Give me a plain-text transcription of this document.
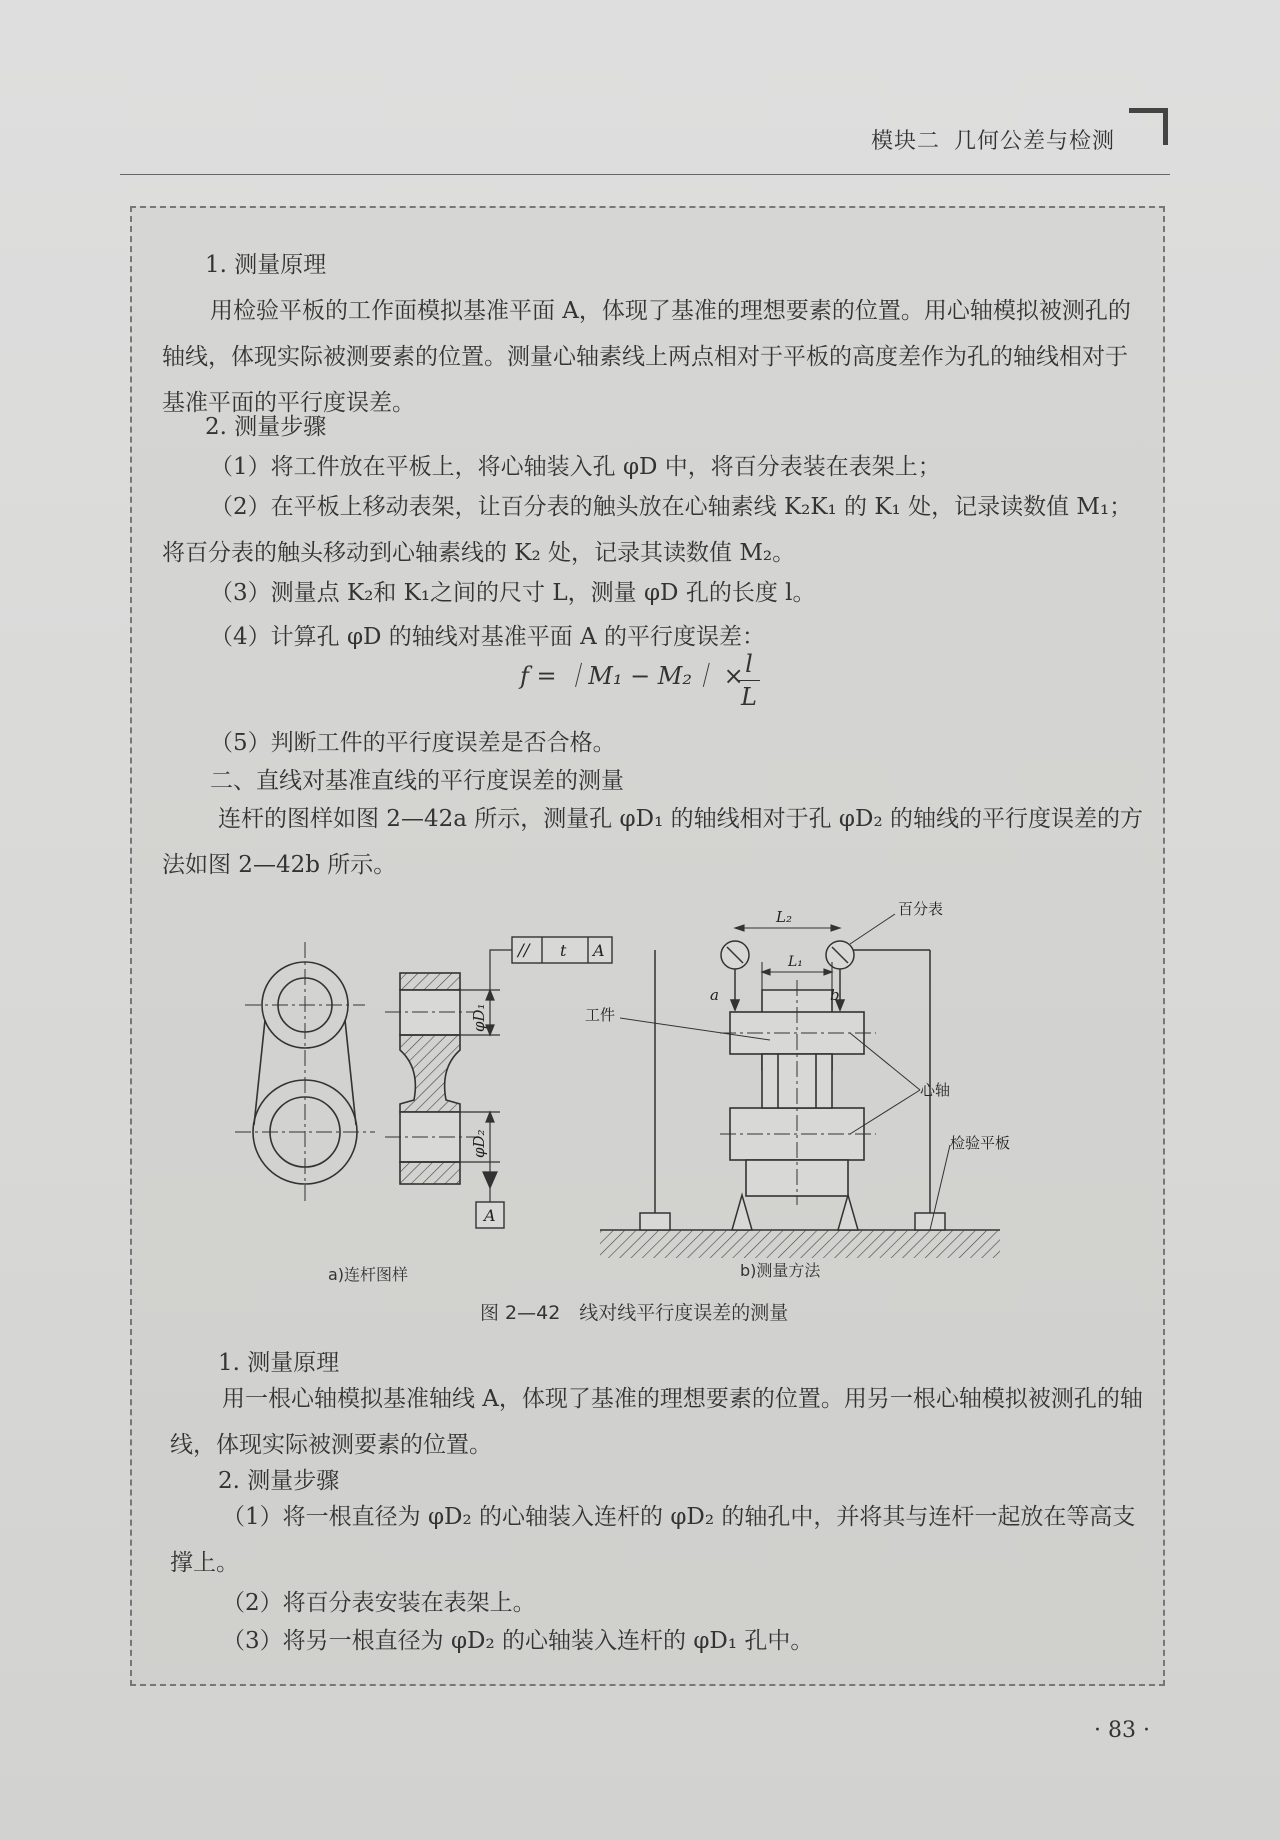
模块二 几何公差与检测
1. 测量原理
用检验平板的工作面模拟基准平面 A，体现了基准的理想要素的位置。用心轴模拟被测孔的轴线，体现实际被测要素的位置。测量心轴素线上两点相对于平板的高度差作为孔的轴线相对于基准平面的平行度误差。
2. 测量步骤
（1）将工件放在平板上，将心轴装入孔 φD 中，将百分表装在表架上；
（2）在平板上移动表架，让百分表的触头放在心轴素线 K₂K₁ 的 K₁ 处，记录读数值 M₁；将百分表的触头移动到心轴素线的 K₂ 处，记录其读数值 M₂。
（3）测量点 K₂和 K₁之间的尺寸 L，测量 φD 孔的长度 l。
（4）计算孔 φD 的轴线对基准平面 A 的平行度误差：
f = ｜M₁ − M₂｜ × l
L
（5）判断工件的平行度误差是否合格。
二、直线对基准直线的平行度误差的测量
连杆的图样如图 2—42a 所示，测量孔 φD₁ 的轴线相对于孔 φD₂ 的轴线的平行度误差的方法如图 2—42b 所示。
// t A
A
φD₁
φD₂
L₂
L₁
a	b
百分表
工件
心轴
检验平板
a)连杆图样	b)测量方法
图 2—42　线对线平行度误差的测量
1. 测量原理
用一根心轴模拟基准轴线 A，体现了基准的理想要素的位置。用另一根心轴模拟被测孔的轴线，体现实际被测要素的位置。
2. 测量步骤
（1）将一根直径为 φD₂ 的心轴装入连杆的 φD₂ 的轴孔中，并将其与连杆一起放在等高支撑上。
（2）将百分表安装在表架上。
（3）将另一根直径为 φD₂ 的心轴装入连杆的 φD₁ 孔中。
· 83 ·
